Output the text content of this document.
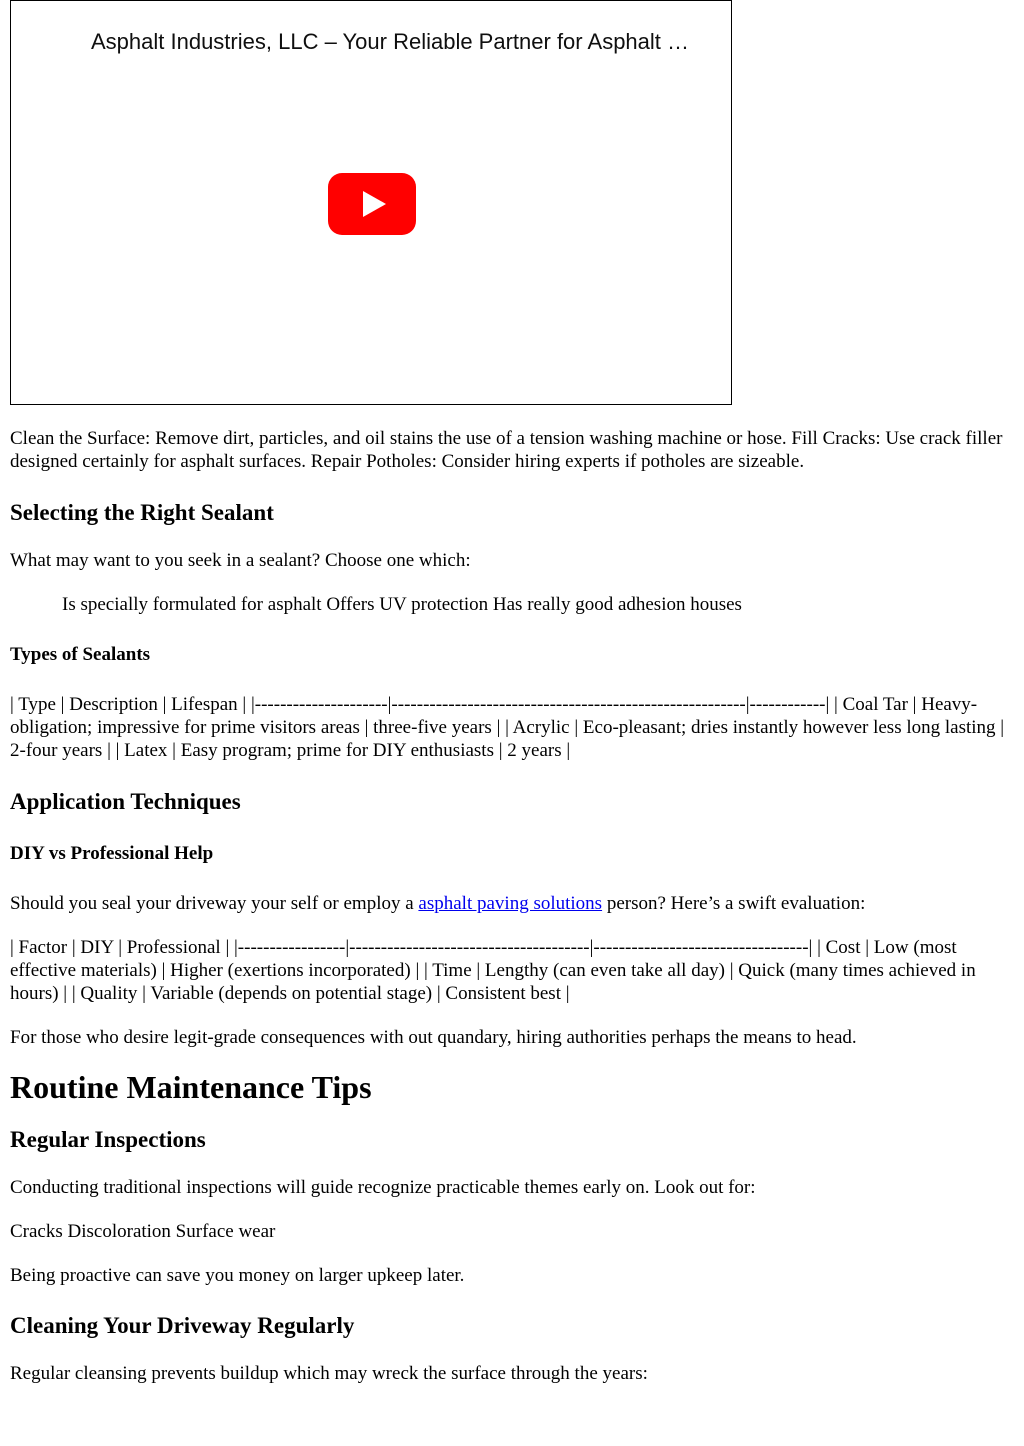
Asphalt Industries, LLC – Your Reliable Partner for Asphalt …

Clean the Surface: Remove dirt, particles, and oil stains the use of a tension washing machine or hose. Fill Cracks: Use crack filler designed certainly for asphalt surfaces. Repair Potholes: Consider hiring experts if potholes are sizeable.

Selecting the Right Sealant

What may want to you seek in a sealant? Choose one which:

Is specially formulated for asphalt Offers UV protection Has really good adhesion houses

Types of Sealants

| Type | Description | Lifespan | |---------------------|--------------------------------------------------------|------------| | Coal Tar | Heavy-obligation; impressive for prime visitors areas | three-five years | | Acrylic | Eco-pleasant; dries instantly however less long lasting | 2-four years | | Latex | Easy program; prime for DIY enthusiasts | 2 years |

Application Techniques
DIY vs Professional Help

Should you seal your driveway your self or employ a asphalt paving solutions person? Here’s a swift evaluation:

| Factor | DIY | Professional | |-----------------|--------------------------------------|----------------------------------| | Cost | Low (most effective materials) | Higher (exertions incorporated) | | Time | Lengthy (can even take all day) | Quick (many times achieved in hours) | | Quality | Variable (depends on potential stage) | Consistent best |

For those who desire legit-grade consequences with out quandary, hiring authorities perhaps the means to head.

Routine Maintenance Tips
Regular Inspections

Conducting traditional inspections will guide recognize practicable themes early on. Look out for:

Cracks Discoloration Surface wear

Being proactive can save you money on larger upkeep later.

Cleaning Your Driveway Regularly

Regular cleansing prevents buildup which may wreck the surface through the years:
